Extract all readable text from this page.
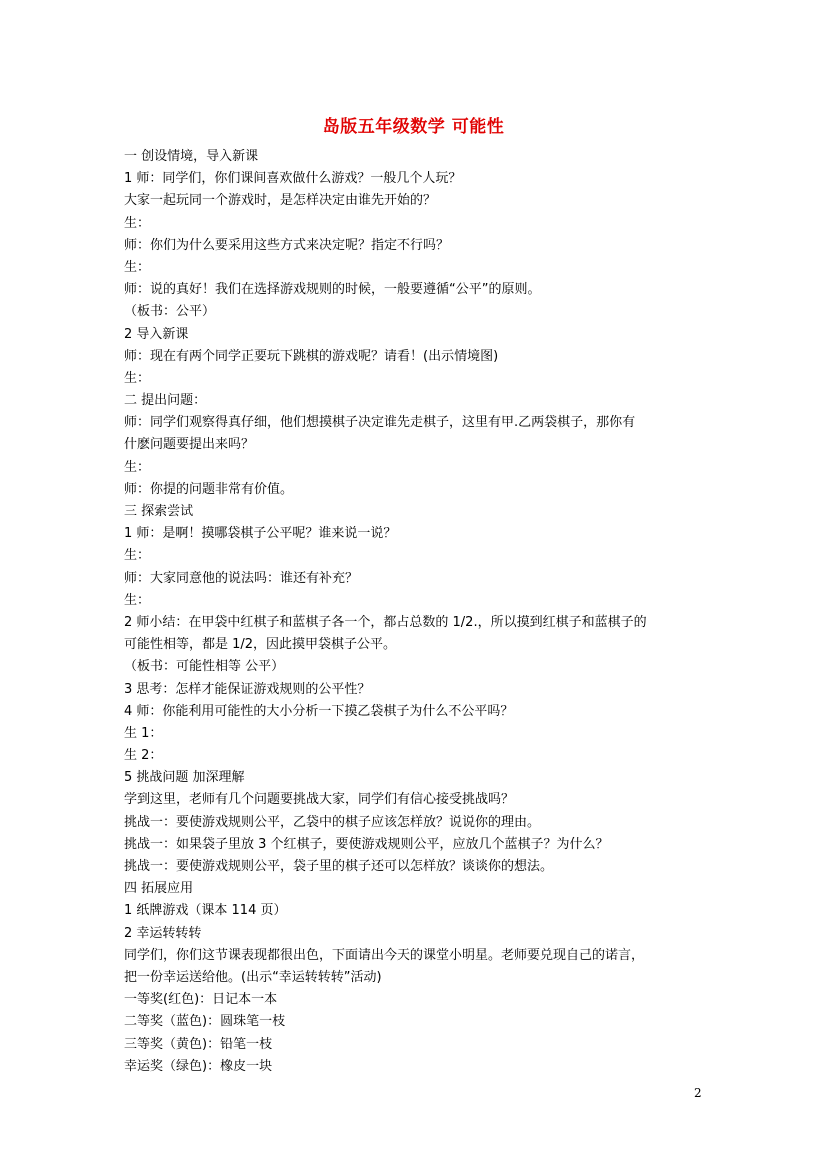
岛版五年级数学 可能性
一 创设情境，导入新课
1 师：同学们，你们课间喜欢做什么游戏？一般几个人玩？
大家一起玩同一个游戏时，是怎样决定由谁先开始的？
生：
师：你们为什么要采用这些方式来决定呢？指定不行吗？
生：
师：说的真好！我们在选择游戏规则的时候，一般要遵循“公平”的原则。
（板书：公平）
2 导入新课
师：现在有两个同学正要玩下跳棋的游戏呢？请看！(出示情境图)
生：
二 提出问题：
师：同学们观察得真仔细，他们想摸棋子决定谁先走棋子，这里有甲.乙两袋棋子，那你有
什麽问题要提出来吗？
生：
师：你提的问题非常有价值。
三 探索尝试
1 师：是啊！摸哪袋棋子公平呢？谁来说一说？
生：
师：大家同意他的说法吗：谁还有补充？
生：
2 师小结：在甲袋中红棋子和蓝棋子各一个，都占总数的 1/2.，所以摸到红棋子和蓝棋子的
可能性相等，都是 1/2，因此摸甲袋棋子公平。
（板书：可能性相等 公平）
3 思考：怎样才能保证游戏规则的公平性？
4 师：你能利用可能性的大小分析一下摸乙袋棋子为什么不公平吗？
生 1：
生 2：
5 挑战问题 加深理解
学到这里，老师有几个问题要挑战大家，同学们有信心接受挑战吗？
挑战一：要使游戏规则公平，乙袋中的棋子应该怎样放？说说你的理由。
挑战一：如果袋子里放 3 个红棋子，要使游戏规则公平，应放几个蓝棋子？为什么？
挑战一：要使游戏规则公平，袋子里的棋子还可以怎样放？谈谈你的想法。
四 拓展应用
1 纸牌游戏（课本 114 页）
2 幸运转转转
同学们，你们这节课表现都很出色，下面请出今天的课堂小明星。老师要兑现自己的诺言，
把一份幸运送给他。(出示“幸运转转转”活动)
一等奖(红色)：日记本一本
二等奖（蓝色)：圆珠笔一枝
三等奖（黄色)：铅笔一枝
幸运奖（绿色)：橡皮一块
2
